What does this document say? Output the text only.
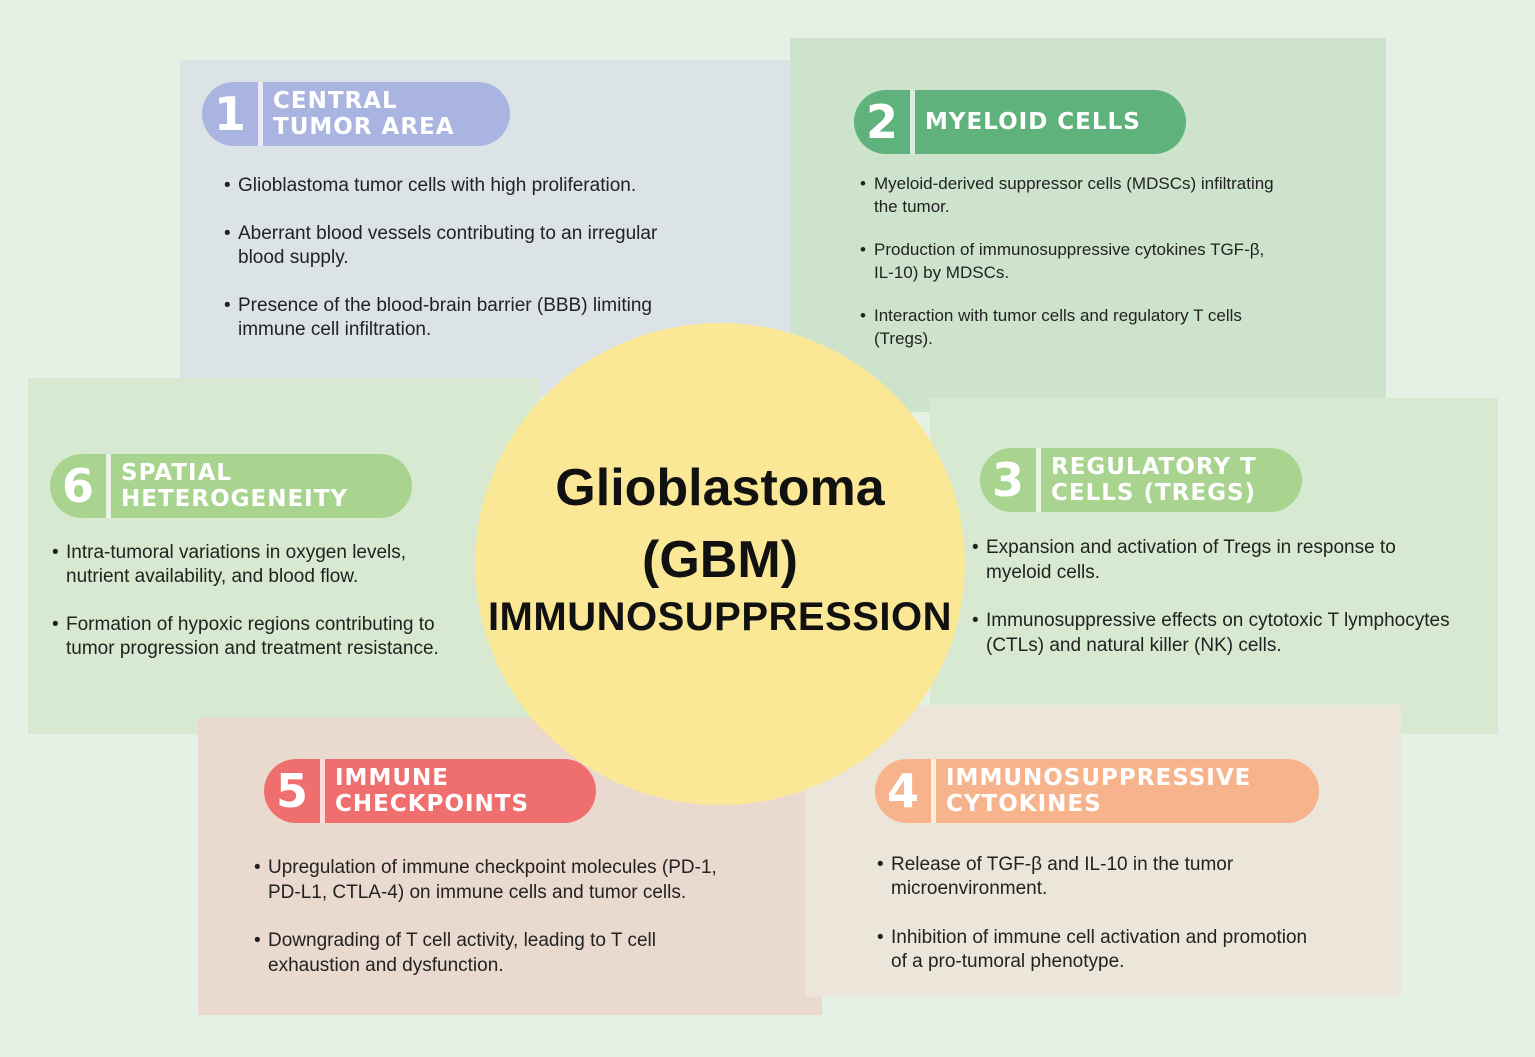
1	CENTRAL
TUMOR AREA
• Glioblastoma tumor cells with high proliferation.
• Aberrant blood vessels contributing to an irregular
blood supply.
• Presence of the blood-brain barrier (BBB) limiting
immune cell infiltration.
2	MYELOID CELLS
• Myeloid-derived suppressor cells (MDSCs) infiltrating
the tumor.
• Production of immunosuppressive cytokines TGF-β,
IL-10) by MDSCs.
• Interaction with tumor cells and regulatory T cells
(Tregs).
6	SPATIAL
HETEROGENEITY
• Intra-tumoral variations in oxygen levels,
nutrient availability, and blood flow.
• Formation of hypoxic regions contributing to
tumor progression and treatment resistance.
3	REGULATORY T
CELLS (TREGS)
• Expansion and activation of Tregs in response to
myeloid cells.
• Immunosuppressive effects on cytotoxic T lymphocytes
(CTLs) and natural killer (NK) cells.
5	IMMUNE
CHECKPOINTS
• Upregulation of immune checkpoint molecules (PD-1,
PD-L1, CTLA-4) on immune cells and tumor cells.
• Downgrading of T cell activity, leading to T cell
exhaustion and dysfunction.
4	IMMUNOSUPPRESSIVE
CYTOKINES
• Release of TGF-β and IL-10 in the tumor
microenvironment.
• Inhibition of immune cell activation and promotion
of a pro-tumoral phenotype.
Glioblastoma
(GBM)
IMMUNOSUPPRESSION
